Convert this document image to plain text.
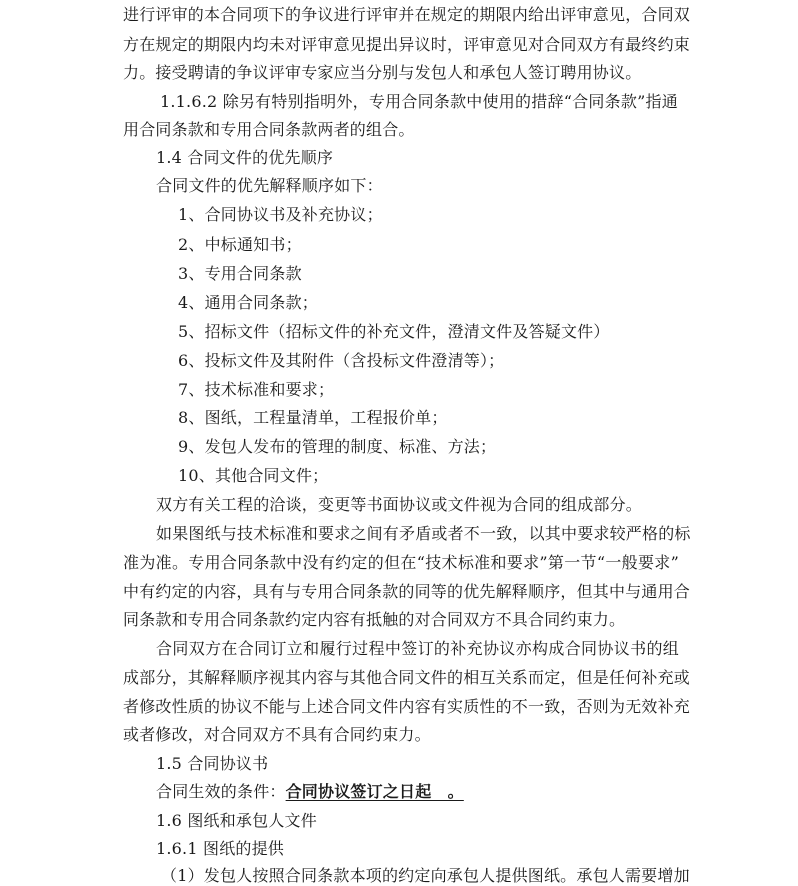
进行评审的本合同项下的争议进行评审并在规定的期限内给出评审意见，合同双
方在规定的期限内均未对评审意见提出异议时，评审意见对合同双方有最终约束
力。接受聘请的争议评审专家应当分别与发包人和承包人签订聘用协议。
1.1.6.2 除另有特别指明外，专用合同条款中使用的措辞“合同条款”指通
用合同条款和专用合同条款两者的组合。
1.4 合同文件的优先顺序
合同文件的优先解释顺序如下：
1、合同协议书及补充协议；
2、中标通知书；
3、专用合同条款
4、通用合同条款；
5、招标文件（招标文件的补充文件，澄清文件及答疑文件）
6、投标文件及其附件（含投标文件澄清等）；
7、技术标准和要求；
8、图纸，工程量清单，工程报价单；
9、发包人发布的管理的制度、标准、方法；
10、其他合同文件；
双方有关工程的洽谈，变更等书面协议或文件视为合同的组成部分。
如果图纸与技术标准和要求之间有矛盾或者不一致，以其中要求较严格的标
准为准。专用合同条款中没有约定的但在“技术标准和要求”第一节“一般要求”
中有约定的内容，具有与专用合同条款的同等的优先解释顺序，但其中与通用合
同条款和专用合同条款约定内容有抵触的对合同双方不具合同约束力。
合同双方在合同订立和履行过程中签订的补充协议亦构成合同协议书的组
成部分，其解释顺序视其内容与其他合同文件的相互关系而定，但是任何补充或
者修改性质的协议不能与上述合同文件内容有实质性的不一致，否则为无效补充
或者修改，对合同双方不具有合同约束力。
1.5 合同协议书
合同生效的条件：合同协议签订之日起　。
1.6 图纸和承包人文件
1.6.1 图纸的提供
（1）发包人按照合同条款本项的约定向承包人提供图纸。承包人需要增加
